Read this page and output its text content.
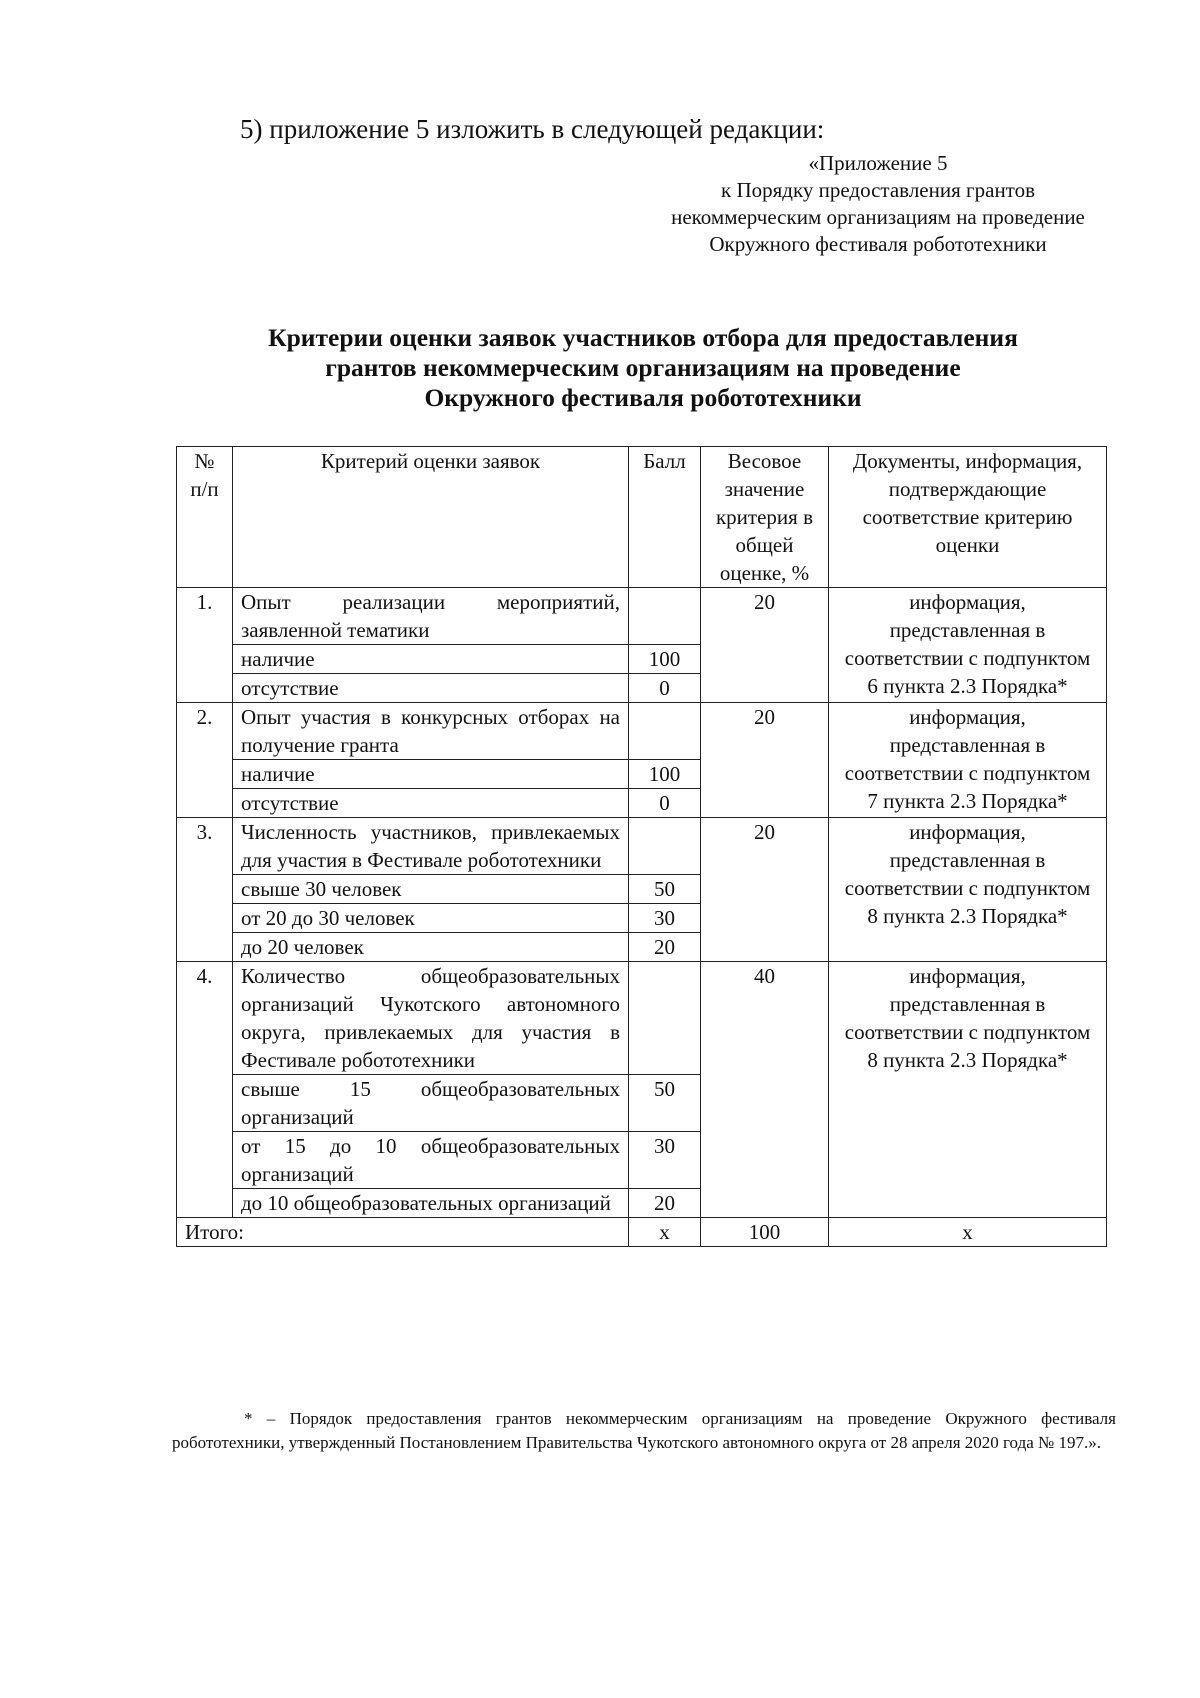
5) приложение 5 изложить в следующей редакции:

«Приложение 5
к Порядку предоставления грантов
некоммерческим организациям на проведение
Окружного фестиваля робототехники
Критерии оценки заявок участников отбора для предоставления
грантов некоммерческим организациям на проведение
Окружного фестиваля робототехники
№ п/п	Критерий оценки заявок	Балл	Весовое значение критерия в общей оценке, %	Документы, информация, подтверждающие соответствие критерию оценки
1.	Опыт реализации мероприятий, заявленной тематики		20	информация, представленная в соответствии с подпунктом 6 пункта 2.3 Порядка*
	наличие	100		
	отсутствие	0		
2.	Опыт участия в конкурсных отборах на получение гранта		20	информация, представленная в соответствии с подпунктом 7 пункта 2.3 Порядка*
	наличие	100		
	отсутствие	0		
3.	Численность участников, привлекаемых для участия в Фестивале робототехники		20	информация, представленная в соответствии с подпунктом 8 пункта 2.3 Порядка*
	свыше 30 человек	50		
	от 20 до 30 человек	30		
	до 20 человек	20		
4.	Количество общеобразовательных организаций Чукотского автономного округа, привлекаемых для участия в Фестивале робототехники		40	информация, представленная в соответствии с подпунктом 8 пункта 2.3 Порядка*
	свыше 15 общеобразовательных организаций	50		
	от 15 до 10 общеобразовательных организаций	30		
	до 10 общеобразовательных организаций	20		
Итого:		x	100	x

* – Порядок предоставления грантов некоммерческим организациям на проведение Окружного фестиваля робототехники, утвержденный Постановлением Правительства Чукотского автономного округа от 28 апреля 2020 года № 197.».
